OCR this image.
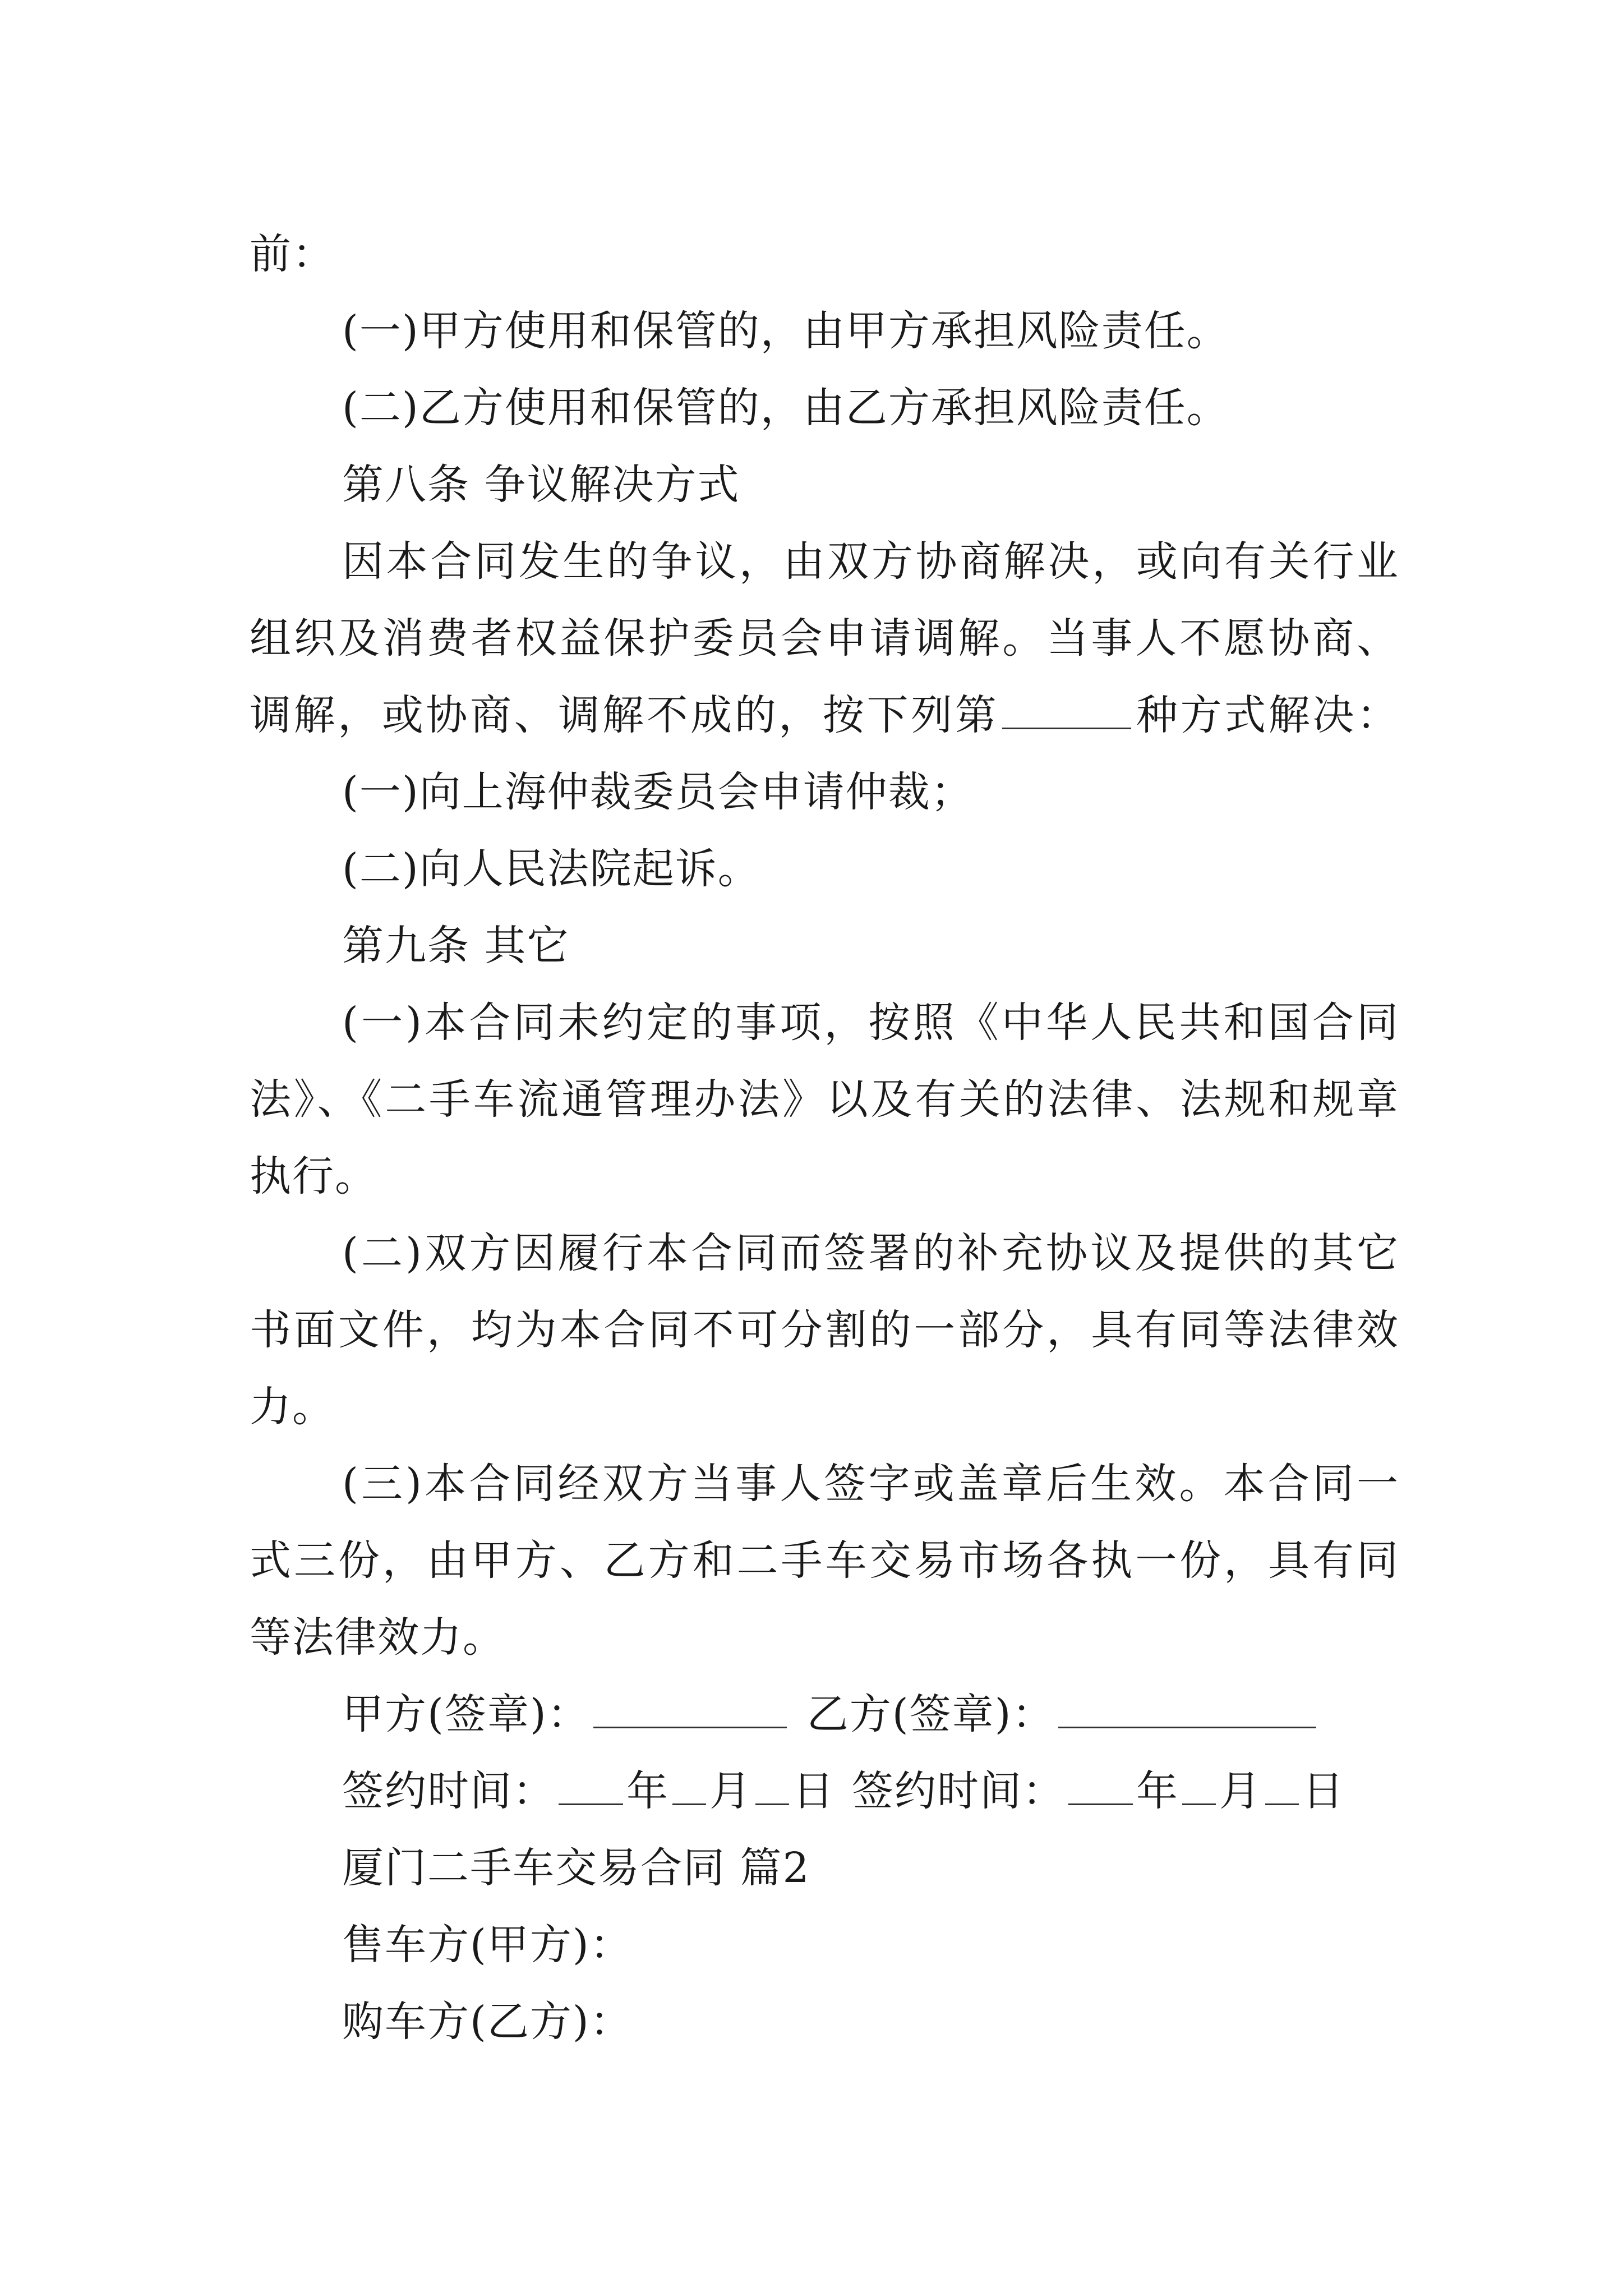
前：
(一)甲方使用和保管的，由甲方承担风险责任。
(二)乙方使用和保管的，由乙方承担风险责任。
第八条 争议解决方式
因本合同发生的争议，由双方协商解决，或向有关行业
组织及消费者权益保护委员会申请调解。当事人不愿协商、
调解，或协商、调解不成的，按下列第	种方式解决：
(一)向上海仲裁委员会申请仲裁；
(二)向人民法院起诉。
第九条 其它
(一)本合同未约定的事项，按照《中华人民共和国合同
法》、《二手车流通管理办法》以及有关的法律、法规和规章
执行。
(二)双方因履行本合同而签署的补充协议及提供的其它
书面文件，均为本合同不可分割的一部分，具有同等法律效
力。
(三)本合同经双方当事人签字或盖章后生效。本合同一
式三份，由甲方、乙方和二手车交易市场各执一份，具有同
等法律效力。
甲方(签章)：	乙方(签章)：
签约时间： 年 月 日 签约时间： 年 月 日
厦门二手车交易合同 篇2
售车方(甲方)：
购车方(乙方)：
